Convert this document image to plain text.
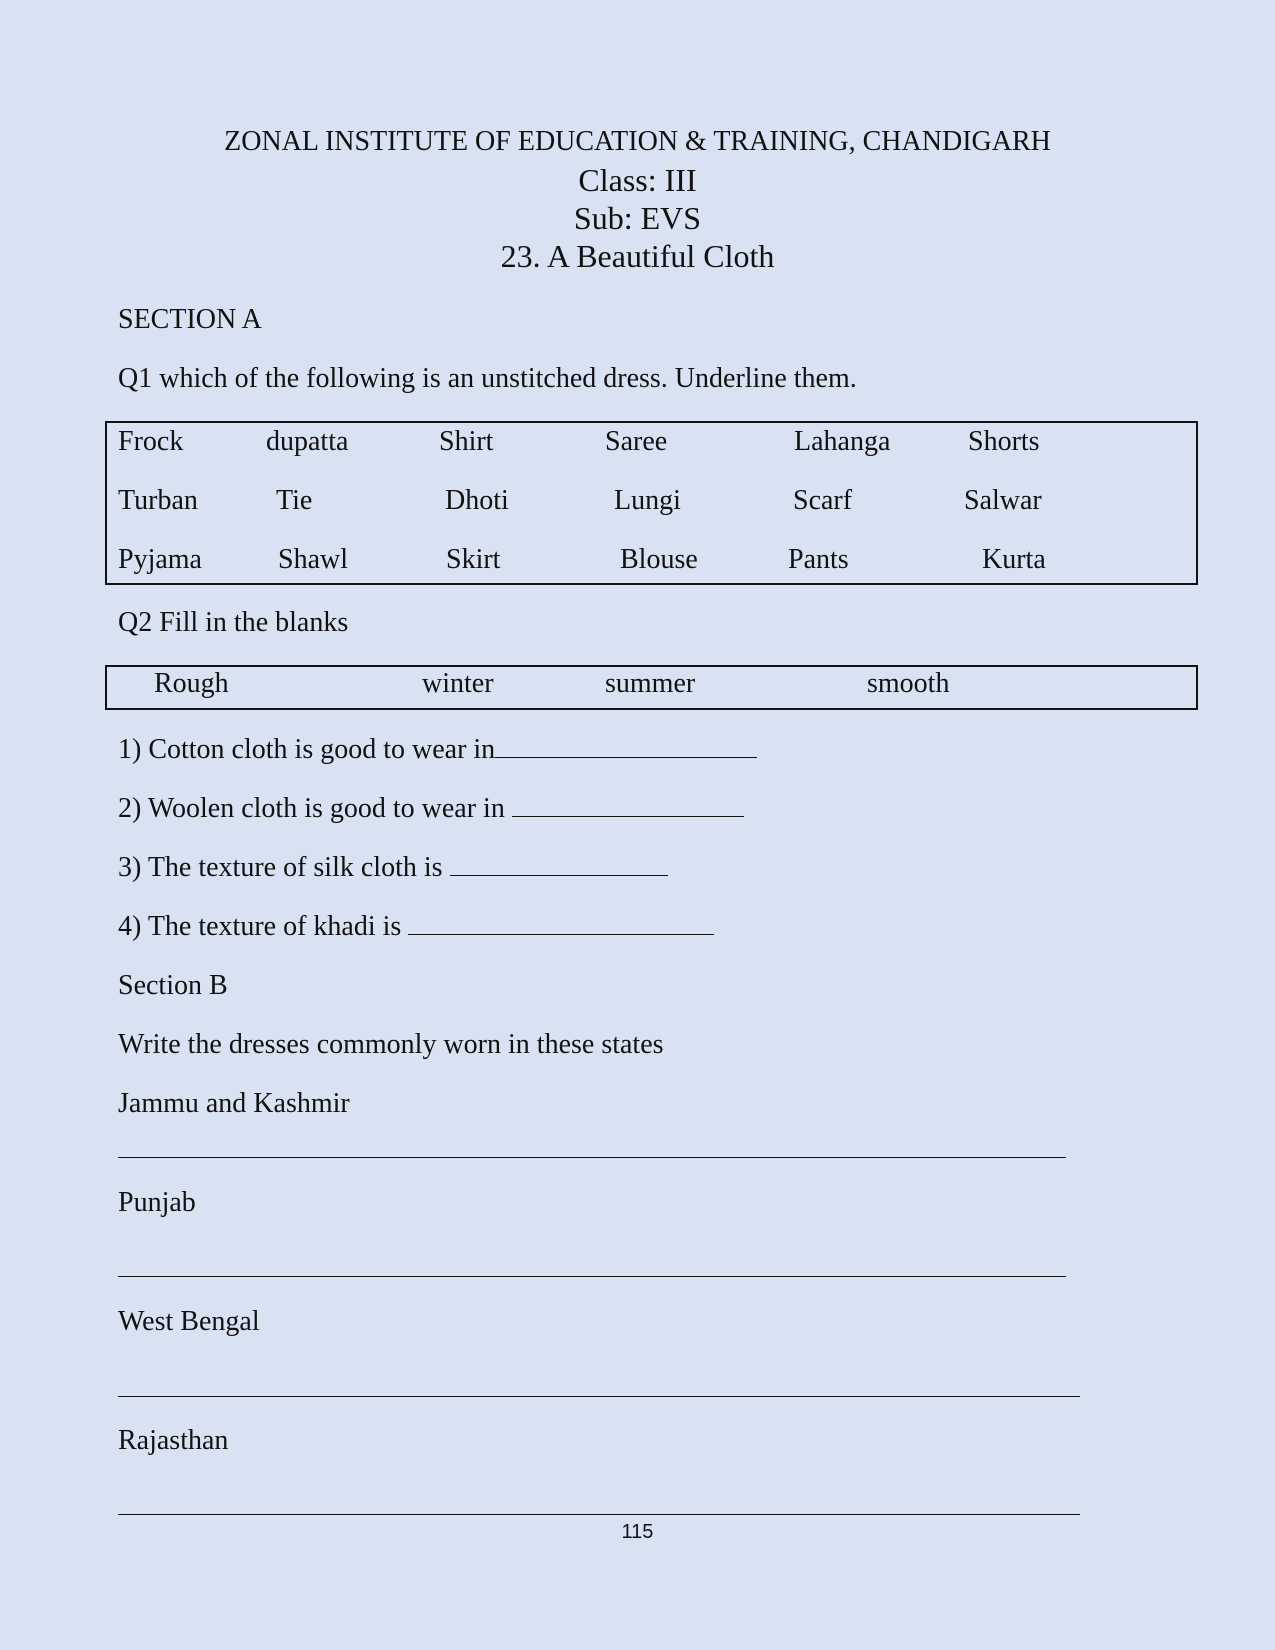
ZONAL INSTITUTE OF EDUCATION & TRAINING, CHANDIGARH
Class: III
Sub: EVS
23. A Beautiful Cloth
SECTION A
Q1 which of the following is an unstitched dress. Underline them.
Frock	dupatta	Shirt	Saree	Lahanga	Shorts
Turban	Tie	Dhoti	Lungi	Scarf	Salwar
Pyjama	Shawl	Skirt	Blouse	Pants	Kurta
Q2 Fill in the blanks
Rough	winter	summer	smooth
1) Cotton cloth is good to wear in
2) Woolen cloth is good to wear in
3) The texture of silk cloth is
4) The texture of khadi is
Section B
Write the dresses commonly worn in these states
Jammu and Kashmir
Punjab
West Bengal
Rajasthan
115
